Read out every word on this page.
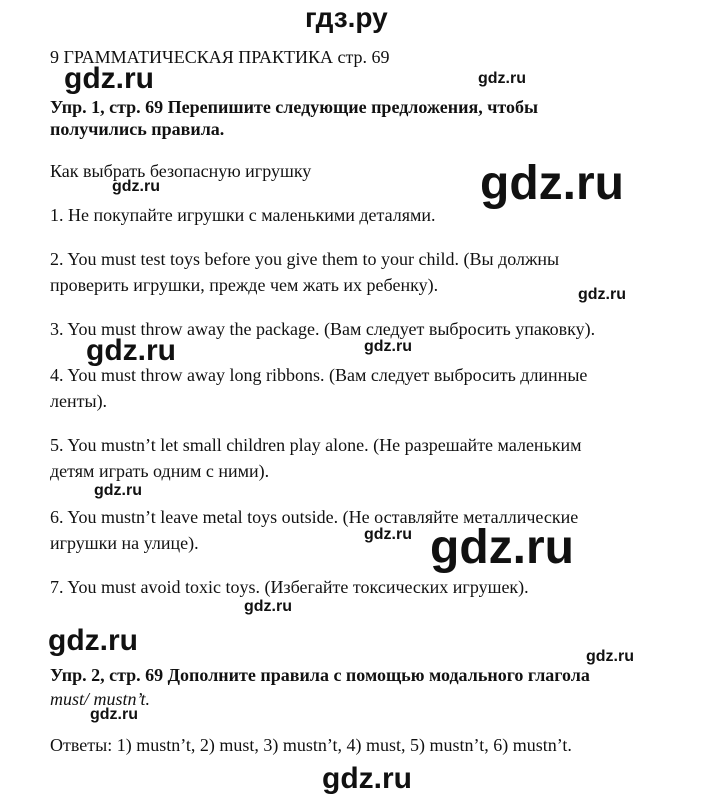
гдз.ру
9 ГРАММАТИЧЕСКАЯ ПРАКТИКА стр. 69
Упр. 1, стр. 69 Перепишите следующие предложения, чтобы
получились правила.
Как выбрать безопасную игрушку
1. Не покупайте игрушки с маленькими деталями.
2. You must test toys before you give them to your child. (Вы должны
проверить игрушки, прежде чем жать их ребенку).
3. You must throw away the package. (Вам следует выбросить упаковку).
4. You must throw away long ribbons. (Вам следует выбросить длинные
ленты).
5. You mustn’t let small children play alone. (Не разрешайте маленьким
детям играть одним с ними).
6. You mustn’t leave metal toys outside. (Не оставляйте металлические
игрушки на улице).
7. You must avoid toxic toys. (Избегайте токсических игрушек).
Упр. 2, стр. 69 Дополните правила с помощью модального глагола
must/ mustn’t.
Ответы: 1) mustn’t, 2) must, 3) mustn’t, 4) must, 5) mustn’t, 6) mustn’t.
gdz.ru	gdz.ru
gdz.ru
gdz.ru
gdz.ru
gdz.ru	gdz.ru
gdz.ru
gdz.ru gdz.ru
gdz.ru
gdz.ru	gdz.ru
gdz.ru
gdz.ru
